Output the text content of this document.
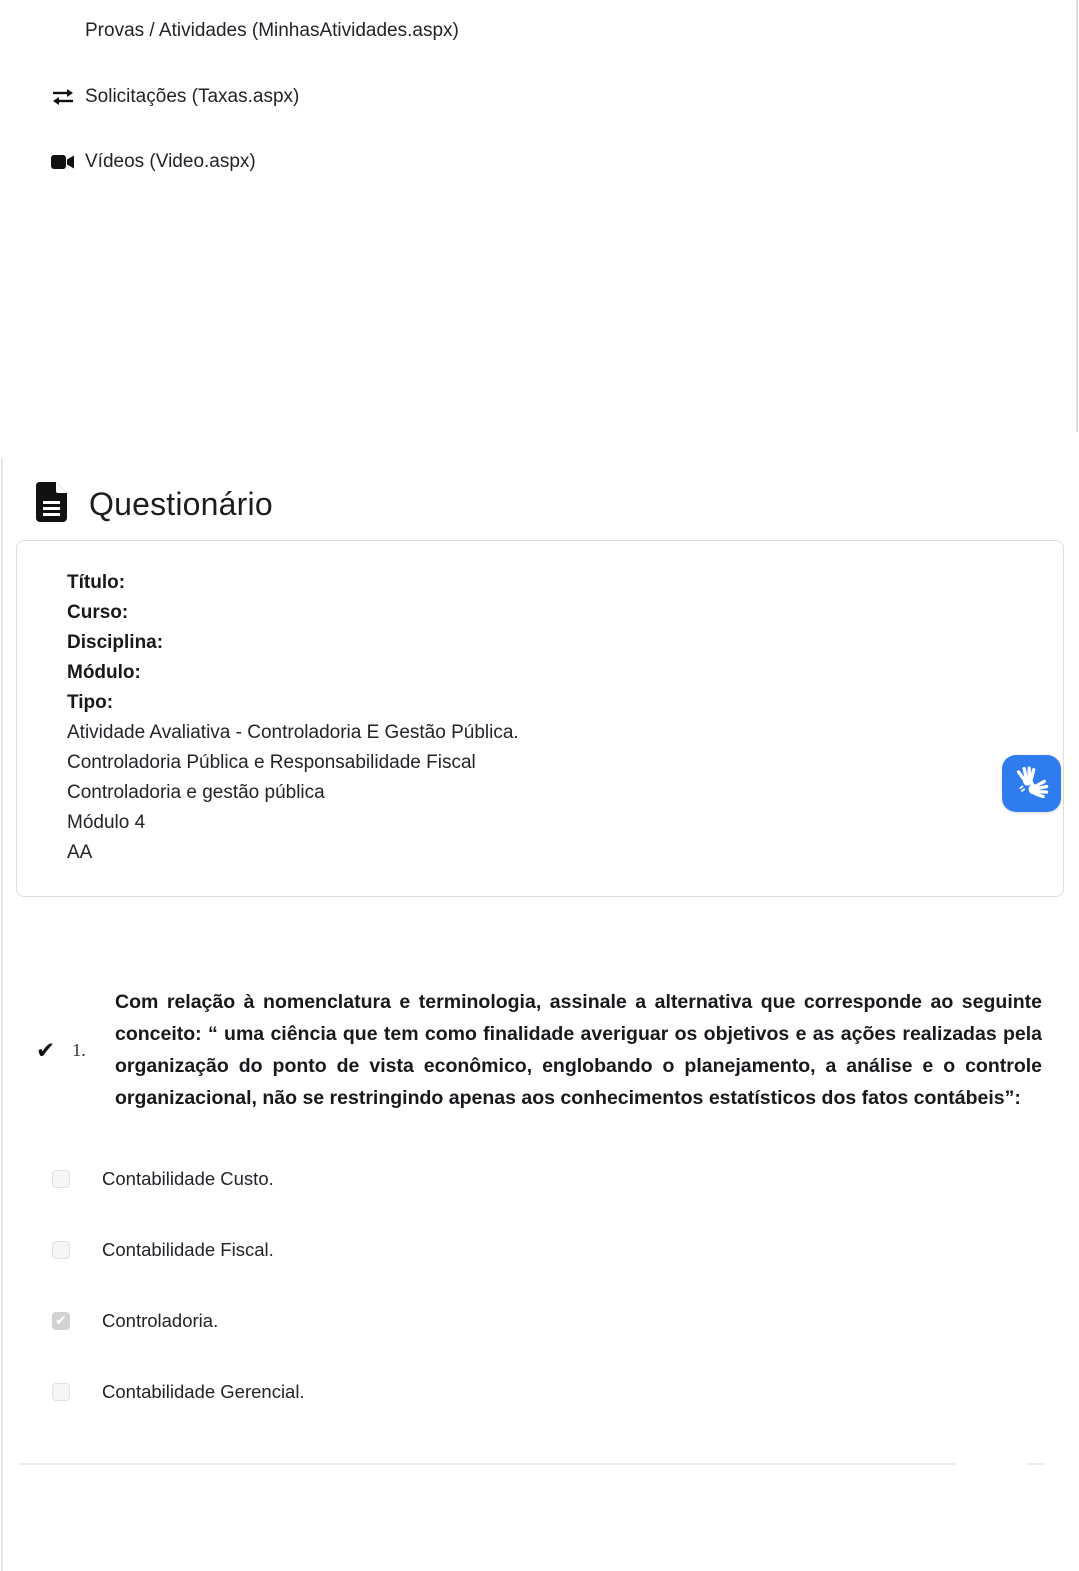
Provas / Atividades (MinhasAtividades.aspx)
Solicitações (Taxas.aspx)
Vídeos (Video.aspx)
Questionário
Título:
Curso:
Disciplina:
Módulo:
Tipo:
Atividade Avaliativa - Controladoria E Gestão Pública.
Controladoria Pública e Responsabilidade Fiscal
Controladoria e gestão pública
Módulo 4
AA
✔ 1.
Com relação à nomenclatura e terminologia, assinale a alternativa que corresponde ao seguinte conceito: “ uma ciência que tem como finalidade averiguar os objetivos e as ações realizadas pela organização do ponto de vista econômico, englobando o planejamento, a análise e o controle organizacional, não se restringindo apenas aos conhecimentos estatísticos dos fatos contábeis”:
Contabilidade Custo.
Contabilidade Fiscal.
✔
Controladoria.
Contabilidade Gerencial.
